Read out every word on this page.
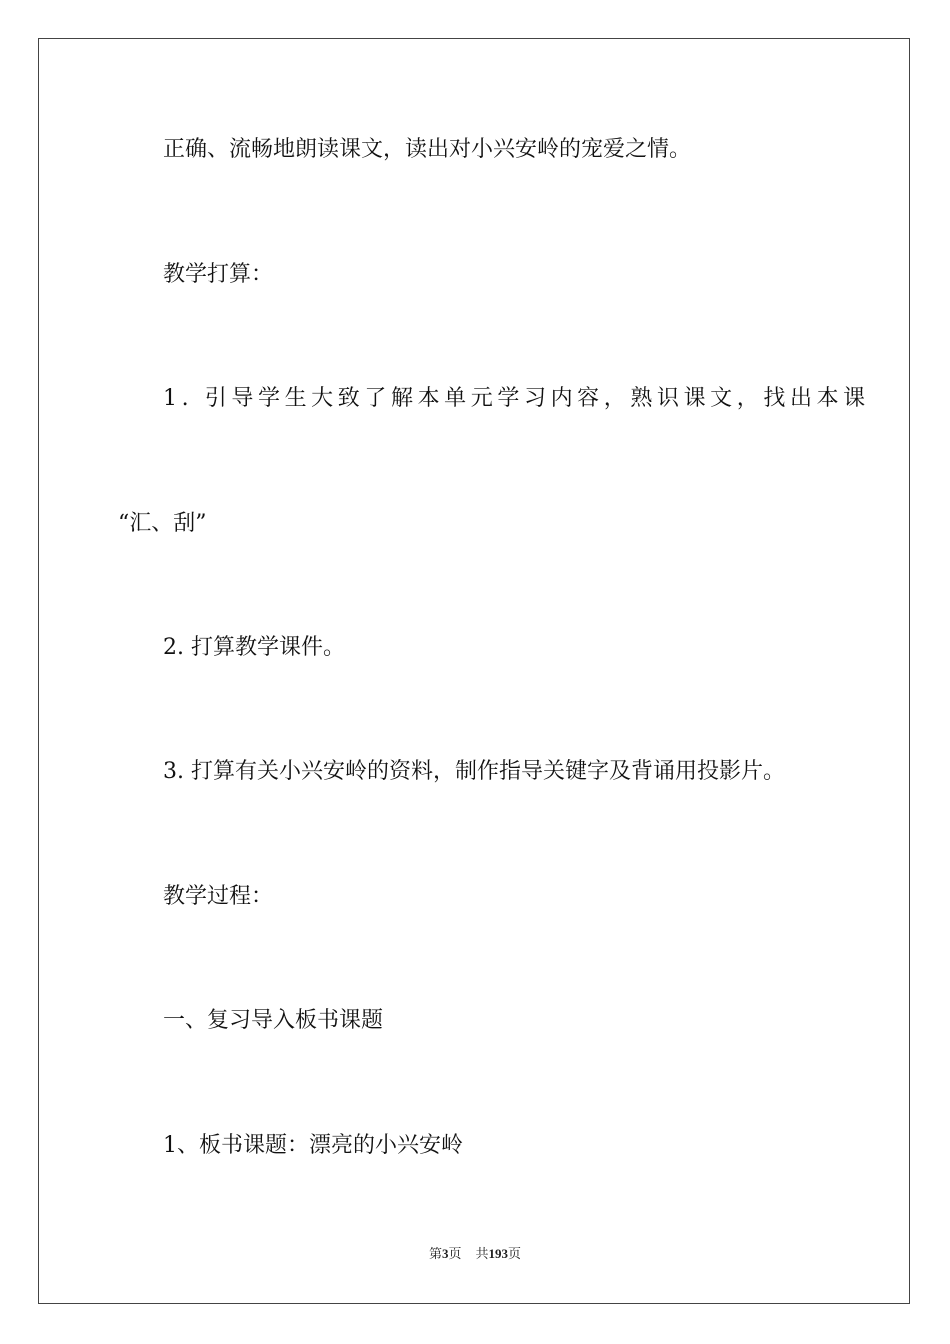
正确、流畅地朗读课文，读出对小兴安岭的宠爱之情。
教学打算：
1. 引导学生大致了解本单元学习内容，熟识课文，找出本课
“汇、刮”
2. 打算教学课件。
3. 打算有关小兴安岭的资料，制作指导关键字及背诵用投影片。
教学过程：
一、复习导入板书课题
1、板书课题：漂亮的小兴安岭
第3页 共193页
